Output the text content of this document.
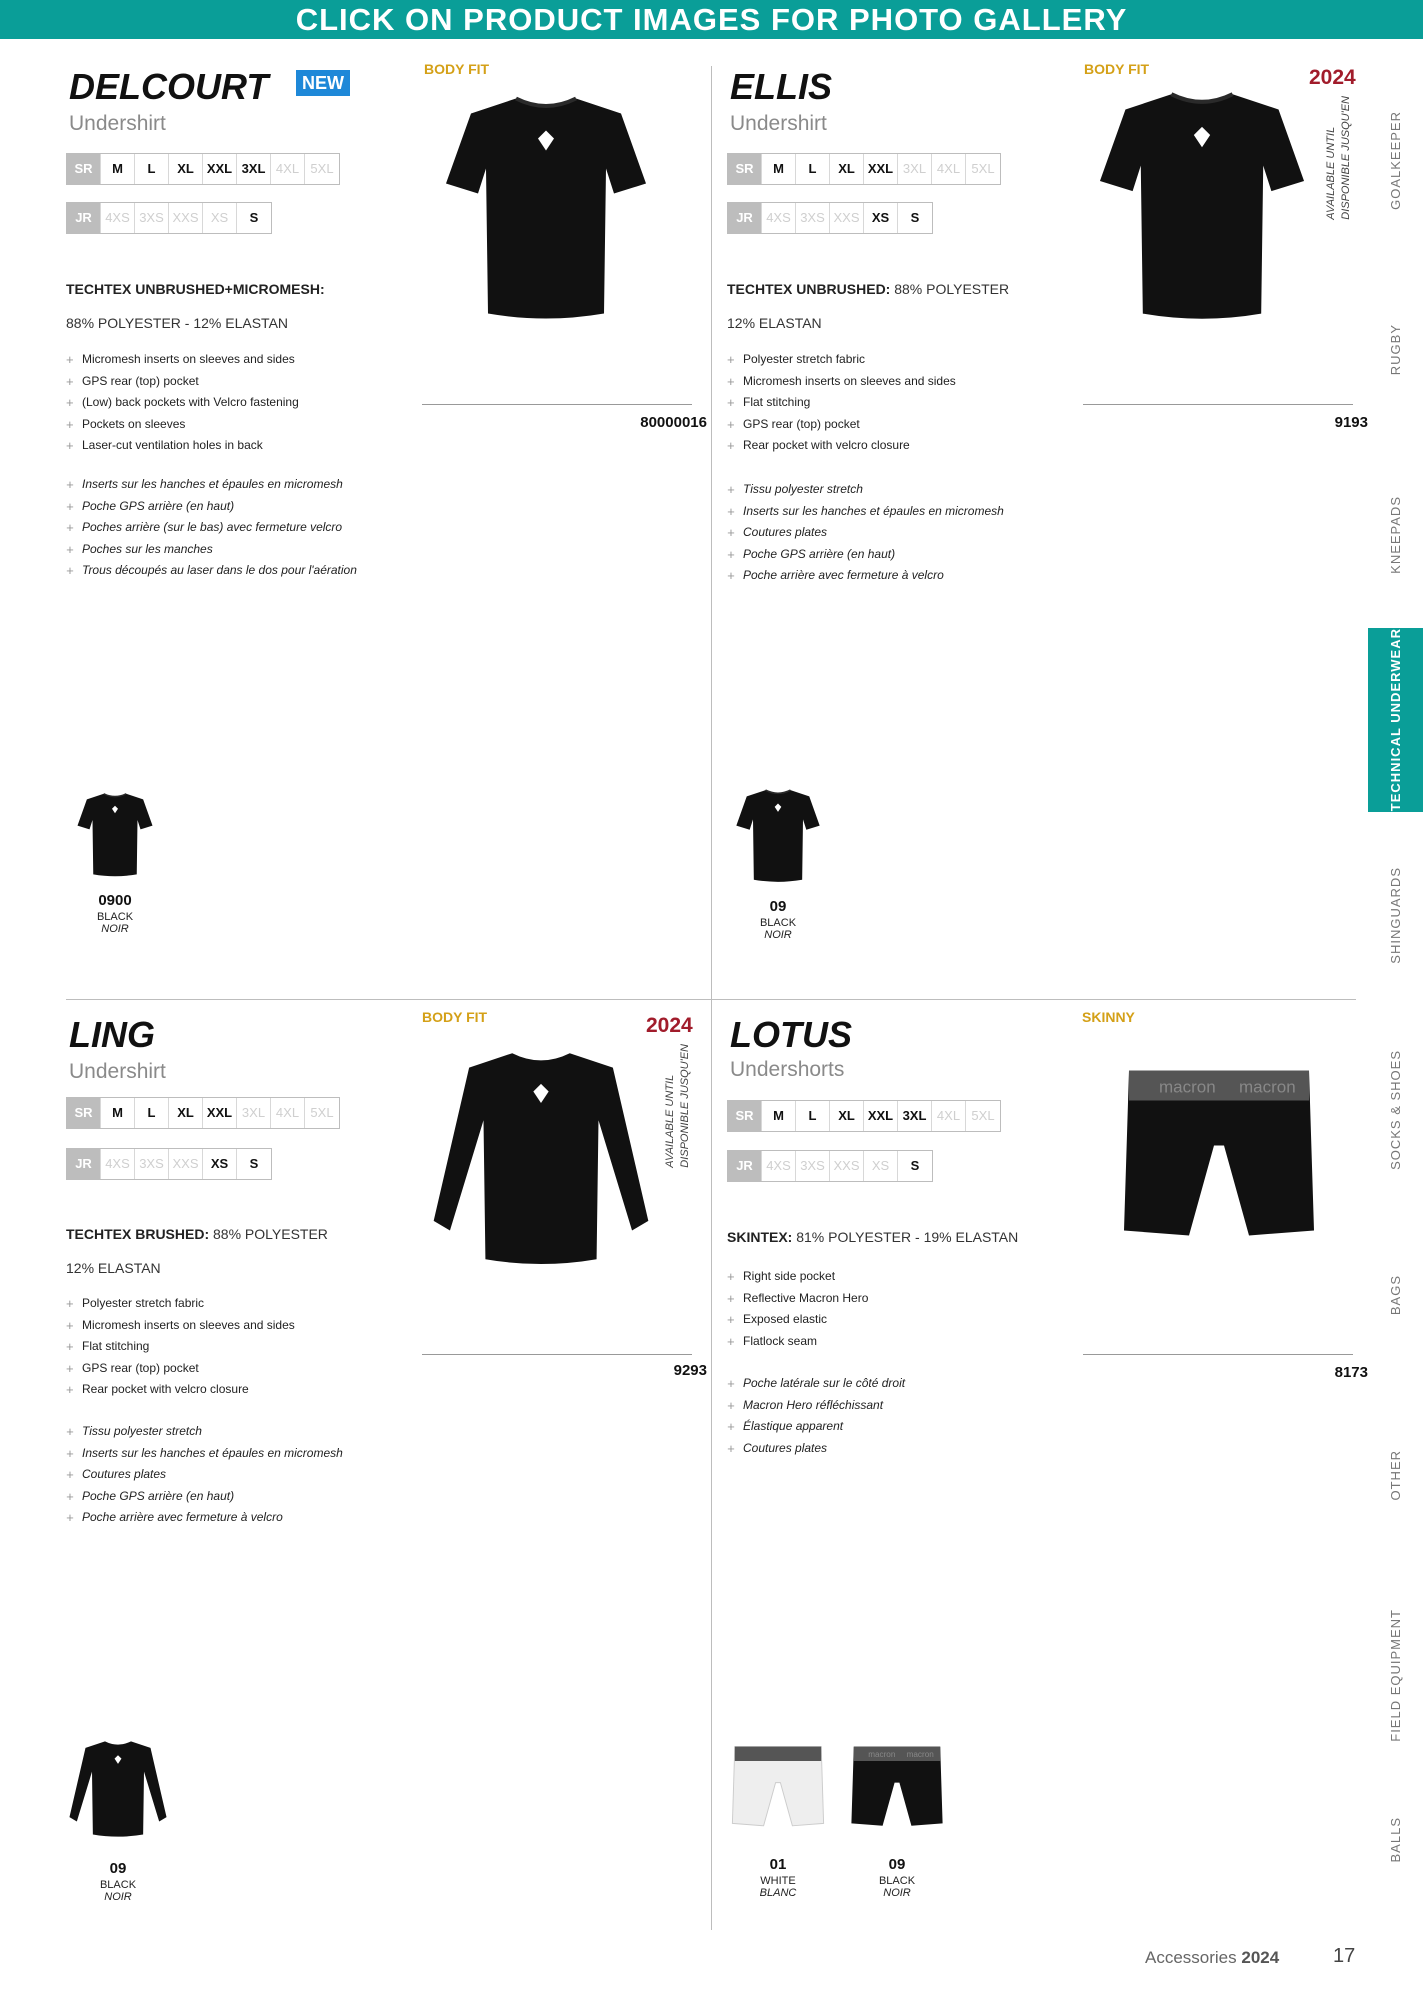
CLICK ON PRODUCT IMAGES FOR PHOTO GALLERY
DELCOURT
Undershirt
NEW
BODY FIT
SR	M	L	XL	XXL 3XL 4XL 5XL
JR	4XS 3XS XXS XS	S
TECHTEX UNBRUSHED+MICROMESH:
88% POLYESTER - 12% ELASTAN
+ Micromesh inserts on sleeves and sides
+ GPS rear (top) pocket
+ (Low) back pockets with Velcro fastening
+ Pockets on sleeves
+ Laser-cut ventilation holes in back
+ Inserts sur les hanches et épaules en micromesh
+ Poche GPS arrière (en haut)
+ Poches arrière (sur le bas) avec fermeture velcro
+ Poches sur les manches
+ Trous découpés au laser dans le dos pour l'aération
80000016
0900
BLACK
NOIR
ELLIS
Undershirt
BODY FIT	2024
AVAILABLE UNTIL DISPONIBLE JUSQU'EN
SR	M	L	XL	XXL 3XL 4XL 5XL
JR	4XS 3XS XXS XS	S
TECHTEX UNBRUSHED: 88% POLYESTER
12% ELASTAN
+ Polyester stretch fabric
+ Micromesh inserts on sleeves and sides
+ Flat stitching
+ GPS rear (top) pocket
+ Rear pocket with velcro closure
+ Tissu polyester stretch
+ Inserts sur les hanches et épaules en micromesh
+ Coutures plates
+ Poche GPS arrière (en haut)
+ Poche arrière avec fermeture à velcro
9193
09
BLACK
NOIR
LING
Undershirt
BODY FIT	2024
AVAILABLE UNTIL DISPONIBLE JUSQU'EN
SR	M	L	XL	XXL 3XL 4XL 5XL
JR	4XS 3XS XXS XS	S
TECHTEX BRUSHED: 88% POLYESTER
12% ELASTAN
+ Polyester stretch fabric
+ Micromesh inserts on sleeves and sides
+ Flat stitching
+ GPS rear (top) pocket
+ Rear pocket with velcro closure
+ Tissu polyester stretch
+ Inserts sur les hanches et épaules en micromesh
+ Coutures plates
+ Poche GPS arrière (en haut)
+ Poche arrière avec fermeture à velcro
9293
09
BLACK
NOIR
LOTUS
Undershorts
SKINNY
SR	M	L	XL	XXL 3XL 4XL 5XL
JR	4XS 3XS XXS XS	S
SKINTEX: 81% POLYESTER - 19% ELASTAN
+ Right side pocket
+ Reflective Macron Hero
+ Exposed elastic
+ Flatlock seam
+ Poche latérale sur le côté droit
+ Macron Hero réfléchissant
+ Élastique apparent
+ Coutures plates
8173
01
WHITE
BLANC
09
BLACK
NOIR
GOALKEEPER
RUGBY
KNEEPADS
TECHNICAL UNDERWEAR
SHINGUARDS
SOCKS & SHOES
BAGS
OTHER
FIELD EQUIPMENT
BALLS
Accessories 2024	17
